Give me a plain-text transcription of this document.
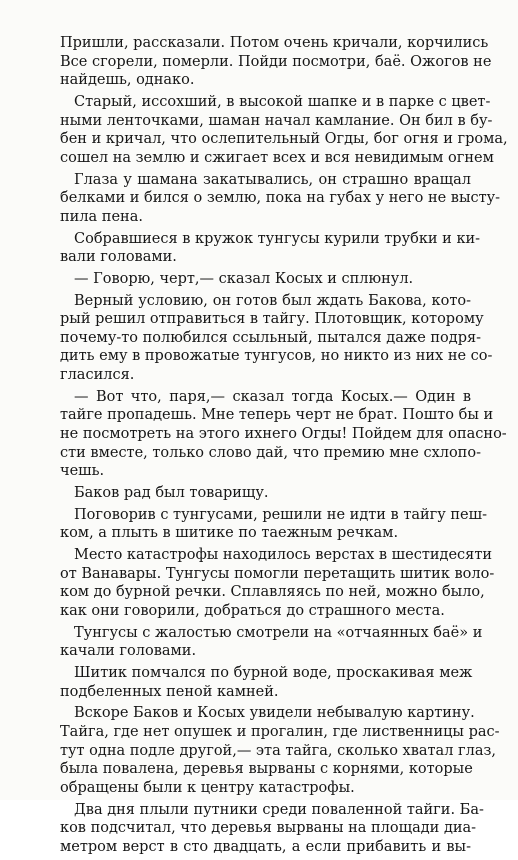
Пришли, рассказали. Потом очень кричали, корчились
Все сгорели, померли. Пойди посмотри, баё. Ожогов не
найдешь, однако.
Старый, иссохший, в высокой шапке и в парке с цвет-
ными ленточками, шаман начал камлание. Он бил в бу-
бен и кричал, что ослепительный Огды, бог огня и грома,
сошел на землю и сжигает всех и вся невидимым огнем
Глаза у шамана закатывались, он страшно вращал
белками и бился о землю, пока на губах у него не высту-
пила пена.
Собравшиеся в кружок тунгусы курили трубки и ки-
вали головами.
— Говорю, черт,— сказал Косых и сплюнул.
Верный условию, он готов был ждать Бакова, кото-
рый решил отправиться в тайгу. Плотовщик, которому
почему-то полюбился ссыльный, пытался даже подря-
дить ему в провожатые тунгусов, но никто из них не со-
гласился.
— Вот что, паря,— сказал тогда Косых.— Один в
тайге пропадешь. Мне теперь черт не брат. Пошто бы и
не посмотреть на этого ихнего Огды! Пойдем для опасно-
сти вместе, только слово дай, что премию мне схлопо-
чешь.
Баков рад был товарищу.
Поговорив с тунгусами, решили не идти в тайгу пеш-
ком, а плыть в шитике по таежным речкам.
Место катастрофы находилось верстах в шестидесяти
от Ванавары. Тунгусы помогли перетащить шитик воло-
ком до бурной речки. Сплавляясь по ней, можно было,
как они говорили, добраться до страшного места.
Тунгусы с жалостью смотрели на «отчаянных баё» и
качали головами.
Шитик помчался по бурной воде, проскакивая меж
подбеленных пеной камней.
Вскоре Баков и Косых увидели небывалую картину.
Тайга, где нет опушек и прогалин, где лиственницы рас-
тут одна подле другой,— эта тайга, сколько хватал глаз,
была повалена, деревья вырваны с корнями, которые
обращены были к центру катастрофы.
Два дня плыли путники среди поваленной тайги. Ба-
ков подсчитал, что деревья вырваны на площади диа-
метром верст в сто двадцать, а если прибавить и вы-
